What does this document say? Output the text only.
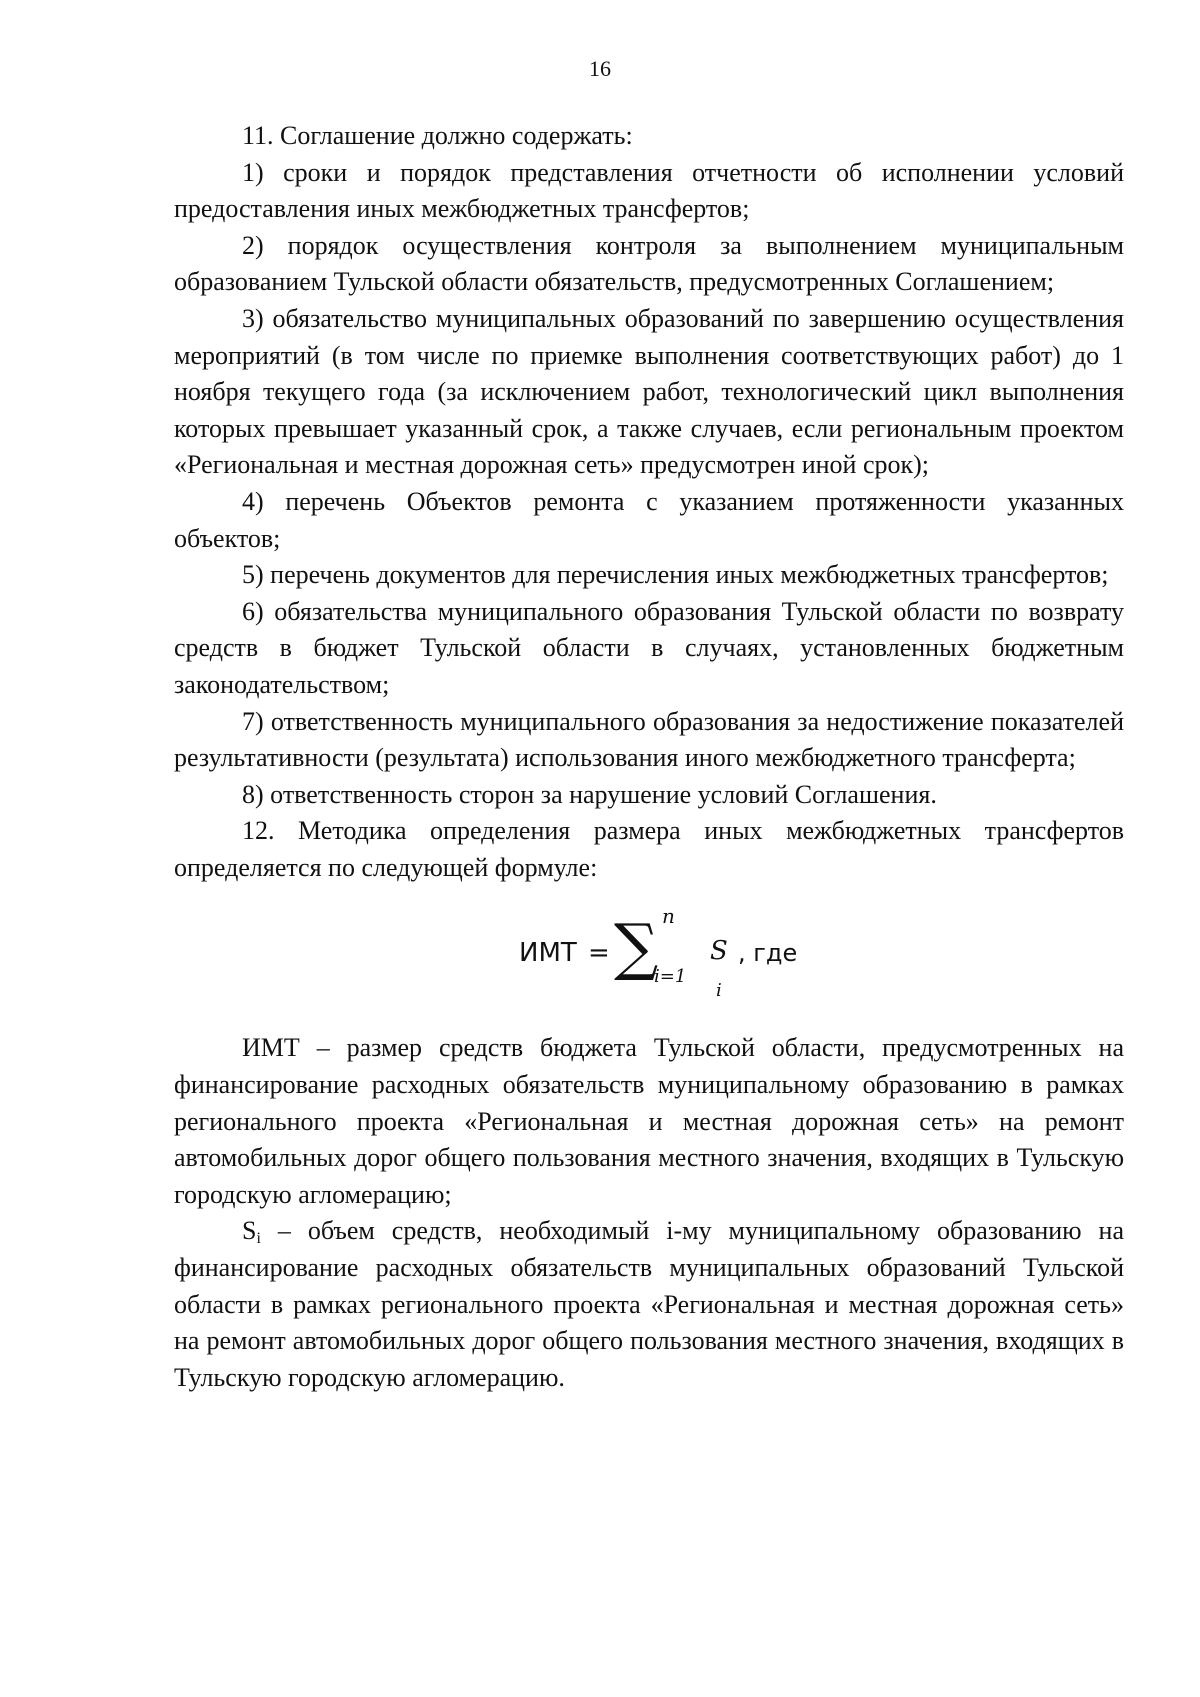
16

11. Соглашение должно содержать:

1) сроки и порядок представления отчетности об исполнении условий предоставления иных межбюджетных трансфертов;

2) порядок осуществления контроля за выполнением муниципальным образованием Тульской области обязательств, предусмотренных Соглашением;

3) обязательство муниципальных образований по завершению осуществления мероприятий (в том числе по приемке выполнения соответствующих работ) до 1 ноября текущего года (за исключением работ, технологический цикл выполнения которых превышает указанный срок, а также случаев, если региональным проектом «Региональная и местная дорожная сеть» предусмотрен иной срок);

4) перечень Объектов ремонта с указанием протяженности указанных объектов;

5) перечень документов для перечисления иных межбюджетных трансфертов;

6) обязательства муниципального образования Тульской области по возврату средств в бюджет Тульской области в случаях, установленных бюджетным законодательством;

7) ответственность муниципального образования за недостижение показателей результативности (результата) использования иного межбюджетного трансферта;

8) ответственность сторон за нарушение условий Соглашения.

12. Методика определения размера иных межбюджетных трансфертов определяется по следующей формуле:

ИМТ = ∑ n
i=1
S
i
, где

ИМТ – размер средств бюджета Тульской области, предусмотренных на финансирование расходных обязательств муниципальному образованию в рамках регионального проекта «Региональная и местная дорожная сеть» на ремонт автомобильных дорог общего пользования местного значения, входящих в Тульскую городскую агломерацию;

$S_i$ – объем средств, необходимый i-му муниципальному образованию на финансирование расходных обязательств муниципальных образований Тульской области в рамках регионального проекта «Региональная и местная дорожная сеть» на ремонт автомобильных дорог общего пользования местного значения, входящих в Тульскую городскую агломерацию.
